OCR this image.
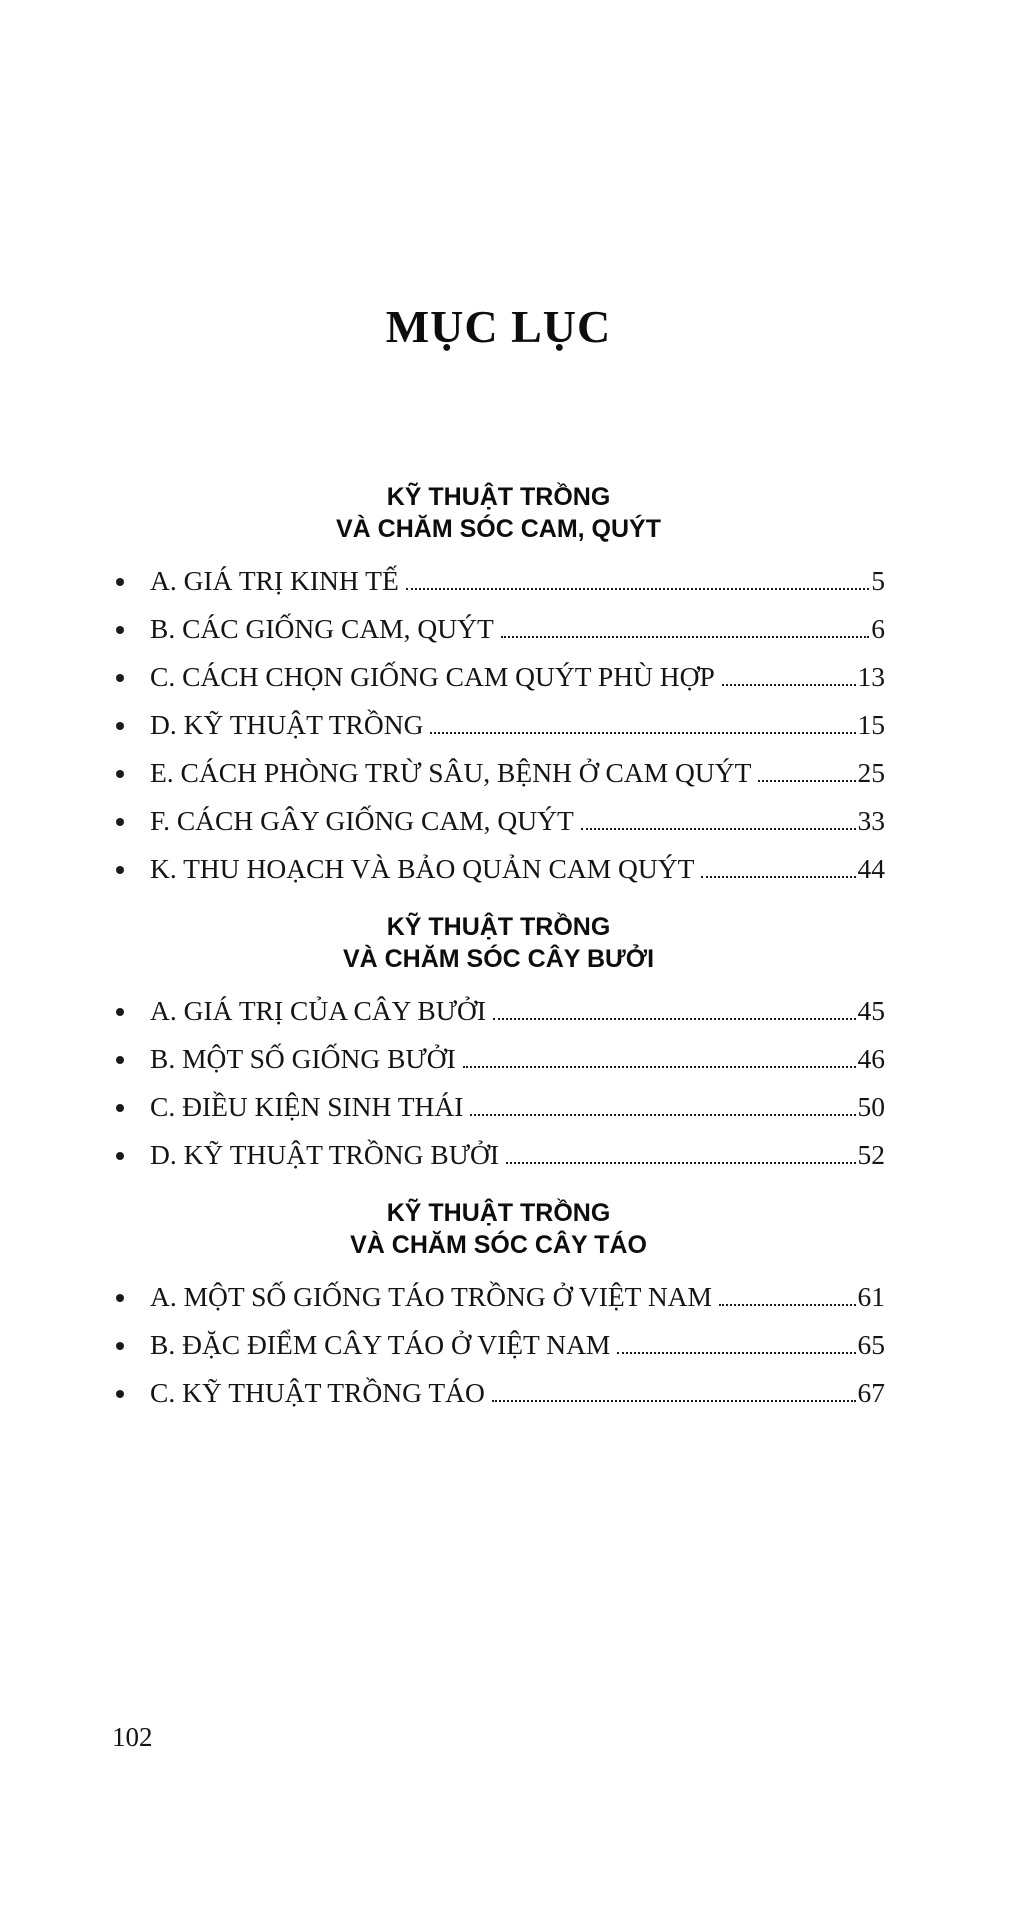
MỤC LỤC
KỸ THUẬT TRỒNG
VÀ CHĂM SÓC CAM, QUÝT
A. GIÁ TRỊ KINH TẾ	5
B. CÁC GIỐNG CAM, QUÝT	6
C. CÁCH CHỌN GIỐNG CAM QUÝT PHÙ HỢP	13
D. KỸ THUẬT TRỒNG	15
E. CÁCH PHÒNG TRỪ SÂU, BỆNH Ở CAM QUÝT	25
F. CÁCH GÂY GIỐNG CAM, QUÝT	33
K. THU HOẠCH VÀ BẢO QUẢN CAM QUÝT	44
KỸ THUẬT TRỒNG
VÀ CHĂM SÓC CÂY BƯỞI
A. GIÁ TRỊ CỦA CÂY BƯỞI	45
B. MỘT SỐ GIỐNG BƯỞI	46
C. ĐIỀU KIỆN SINH THÁI	50
D. KỸ THUẬT TRỒNG BƯỞI	52
KỸ THUẬT TRỒNG
VÀ CHĂM SÓC CÂY TÁO
A. MỘT SỐ GIỐNG TÁO TRỒNG Ở VIỆT NAM	61
B. ĐẶC ĐIỂM CÂY TÁO Ở VIỆT NAM	65
C. KỸ THUẬT TRỒNG TÁO	67
102
